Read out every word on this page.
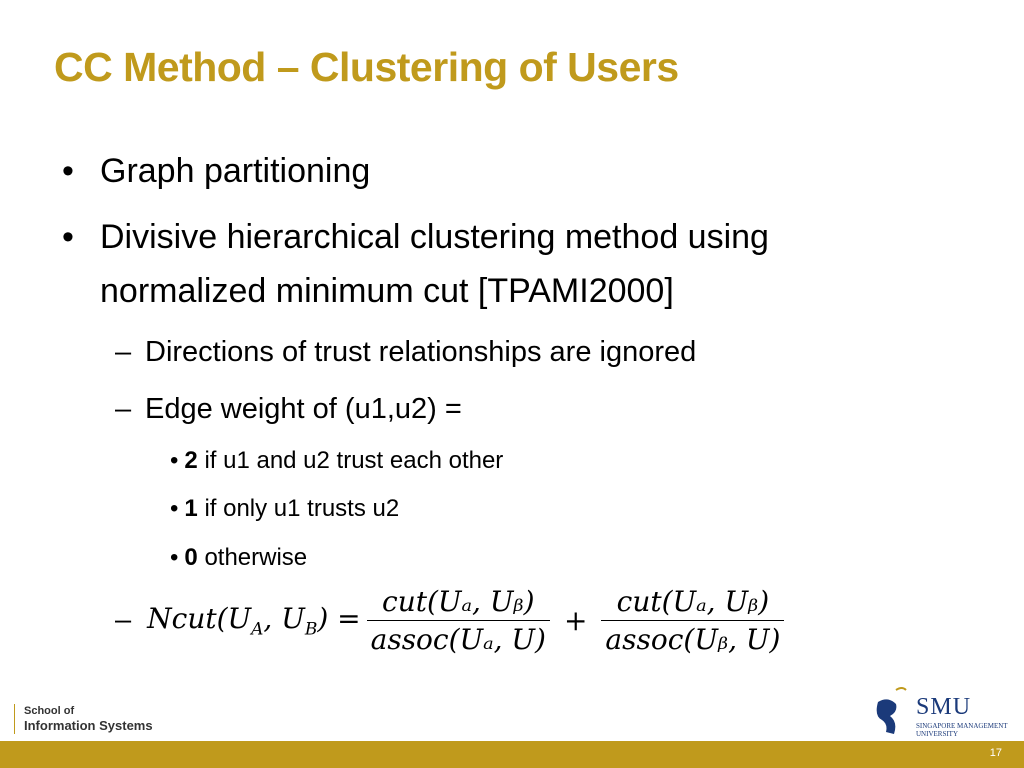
CC Method – Clustering of Users
• Graph partitioning
• Divisive hierarchical clustering method using
normalized minimum cut [TPAMI2000]
– Directions of trust relationships are ignored
– Edge weight of (u1,u2) =
• 2 if u1 and u2 trust each other
• 1 if only u1 trusts u2
• 0 otherwise
– $Ncut(U_A$, $U_B) = \frac{\text{cut(Uₐ, Uᵦ)}}{\text{assoc(Uₐ, U)}} + \frac{\text{cut(Uₐ, Uᵦ)}}{\text{assoc(Uᵦ, U)}}$
School of
Information Systems
SMU
SINGAPORE MANAGEMENT UNIVERSITY
17
